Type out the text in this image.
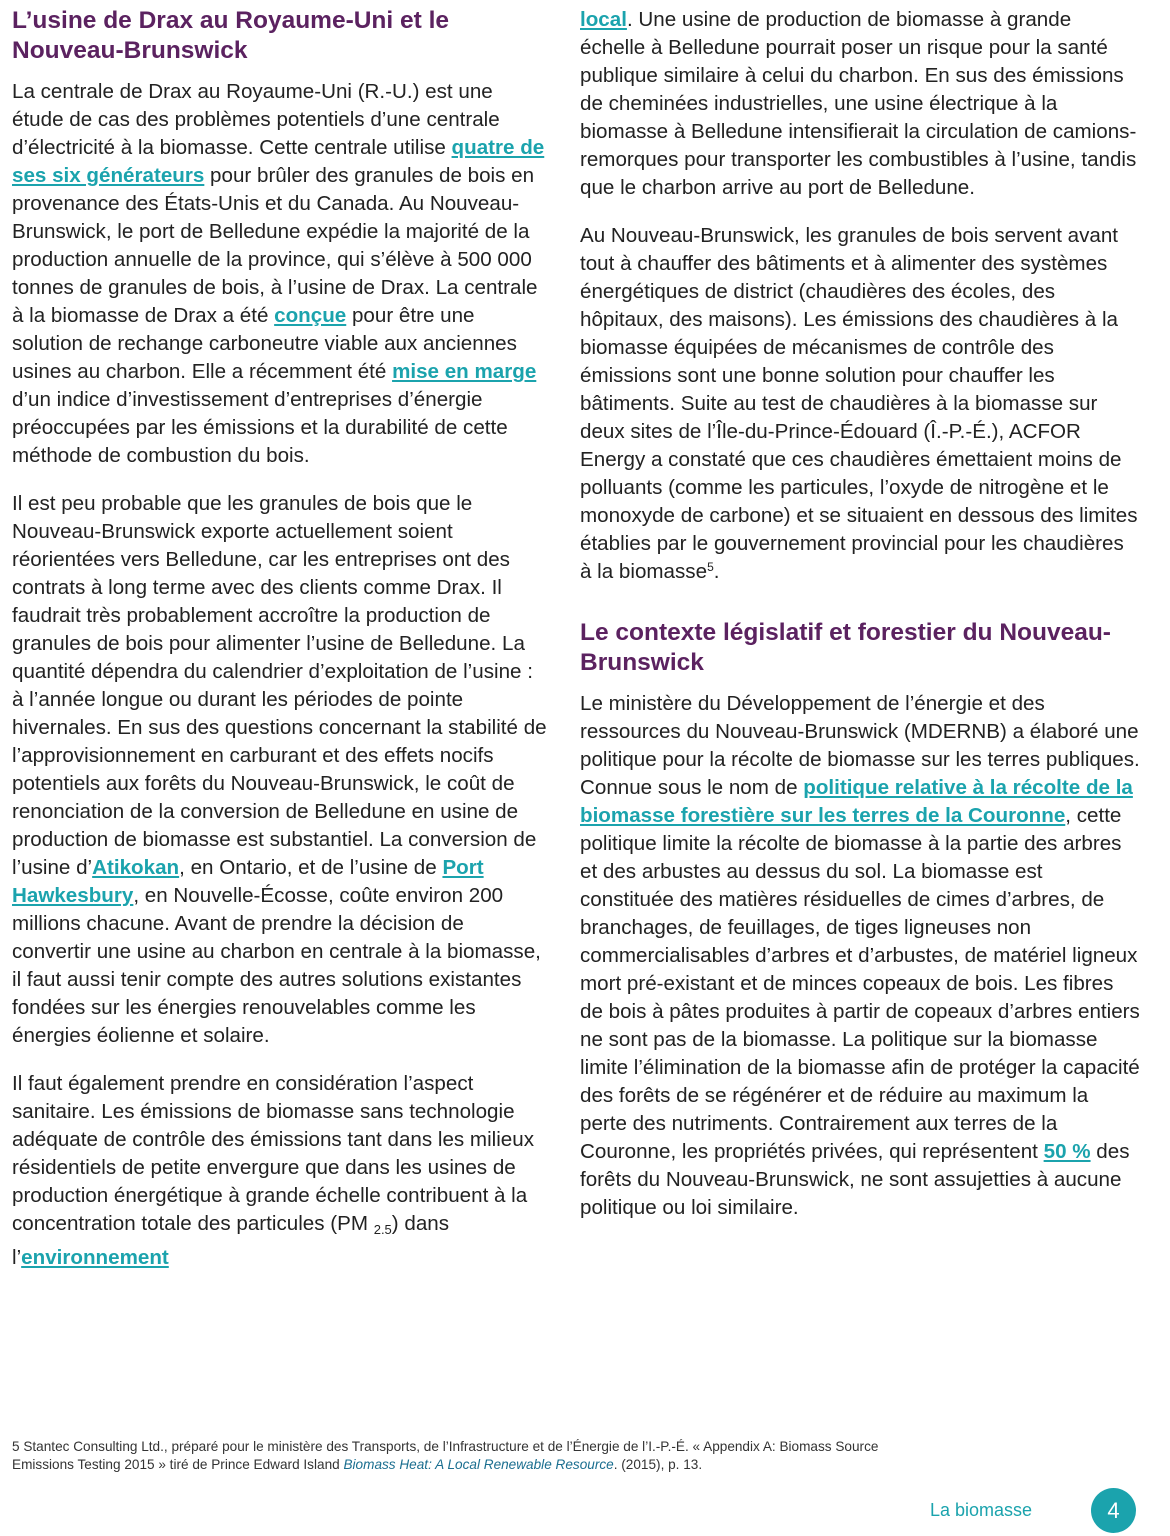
L’usine de Drax au Royaume-Uni et le Nouveau-Brunswick

La centrale de Drax au Royaume-Uni (R.-U.) est une étude de cas des problèmes potentiels d’une centrale d’électricité à la biomasse. Cette centrale utilise quatre de ses six générateurs pour brûler des granules de bois en provenance des États-Unis et du Canada. Au Nouveau-Brunswick, le port de Belledune expédie la majorité de la production annuelle de la province, qui s’élève à 500 000 tonnes de granules de bois, à l’usine de Drax. La centrale à la biomasse de Drax a été conçue pour être une solution de rechange carboneutre viable aux anciennes usines au charbon. Elle a récemment été mise en marge d’un indice d’investissement d’entreprises d’énergie préoccupées par les émissions et la durabilité de cette méthode de combustion du bois.

Il est peu probable que les granules de bois que le Nouveau-Brunswick exporte actuellement soient réorientées vers Belledune, car les entreprises ont des contrats à long terme avec des clients comme Drax. Il faudrait très probablement accroître la production de granules de bois pour alimenter l’usine de Belledune. La quantité dépendra du calendrier d’exploitation de l’usine : à l’année longue ou durant les périodes de pointe hivernales. En sus des questions concernant la stabilité de l’approvisionnement en carburant et des effets nocifs potentiels aux forêts du Nouveau-Brunswick, le coût de renonciation de la conversion de Belledune en usine de production de biomasse est substantiel. La conversion de l’usine d’Atikokan, en Ontario, et de l’usine de Port Hawkesbury, en Nouvelle-Écosse, coûte environ 200 millions chacune. Avant de prendre la décision de convertir une usine au charbon en centrale à la biomasse, il faut aussi tenir compte des autres solutions existantes fondées sur les énergies renouvelables comme les énergies éolienne et solaire.

Il faut également prendre en considération l’aspect sanitaire. Les émissions de biomasse sans technologie adéquate de contrôle des émissions tant dans les milieux résidentiels de petite envergure que dans les usines de production énergétique à grande échelle contribuent à la concentration totale des particules (PM $_{2.5}$) dans l’environnement

local. Une usine de production de biomasse à grande échelle à Belledune pourrait poser un risque pour la santé publique similaire à celui du charbon. En sus des émissions de cheminées industrielles, une usine électrique à la biomasse à Belledune intensifierait la circulation de camions-remorques pour transporter les combustibles à l’usine, tandis que le charbon arrive au port de Belledune.

Au Nouveau-Brunswick, les granules de bois servent avant tout à chauffer des bâtiments et à alimenter des systèmes énergétiques de district (chaudières des écoles, des hôpitaux, des maisons). Les émissions des chaudières à la biomasse équipées de mécanismes de contrôle des émissions sont une bonne solution pour chauffer les bâtiments. Suite au test de chaudières à la biomasse sur deux sites de l’Île-du-Prince-Édouard (Î.-P.-É.), ACFOR Energy a constaté que ces chaudières émettaient moins de polluants (comme les particules, l’oxyde de nitrogène et le monoxyde de carbone) et se situaient en dessous des limites établies par le gouvernement provincial pour les chaudières à la biomasse$^5$.

Le contexte législatif et forestier du Nouveau-Brunswick

Le ministère du Développement de l’énergie et des ressources du Nouveau-Brunswick (MDERNB) a élaboré une politique pour la récolte de biomasse sur les terres publiques. Connue sous le nom de politique relative à la récolte de la biomasse forestière sur les terres de la Couronne, cette politique limite la récolte de biomasse à la partie des arbres et des arbustes au dessus du sol. La biomasse est constituée des matières résiduelles de cimes d’arbres, de branchages, de feuillages, de tiges ligneuses non commercialisables d’arbres et d’arbustes, de matériel ligneux mort pré-existant et de minces copeaux de bois. Les fibres de bois à pâtes produites à partir de copeaux d’arbres entiers ne sont pas de la biomasse. La politique sur la biomasse limite l’élimination de la biomasse afin de protéger la capacité des forêts de se régénérer et de réduire au maximum la perte des nutriments. Contrairement aux terres de la Couronne, les propriétés privées, qui représentent 50 % des forêts du Nouveau-Brunswick, ne sont assujetties à aucune politique ou loi similaire.

5 Stantec Consulting Ltd., préparé pour le ministère des Transports, de l’Infrastructure et de l’Énergie de l’I.-P.-É. « Appendix A: Biomass Source Emissions Testing 2015 » tiré de Prince Edward Island Biomass Heat: A Local Renewable Resource. (2015), p. 13.
La biomasse	4
